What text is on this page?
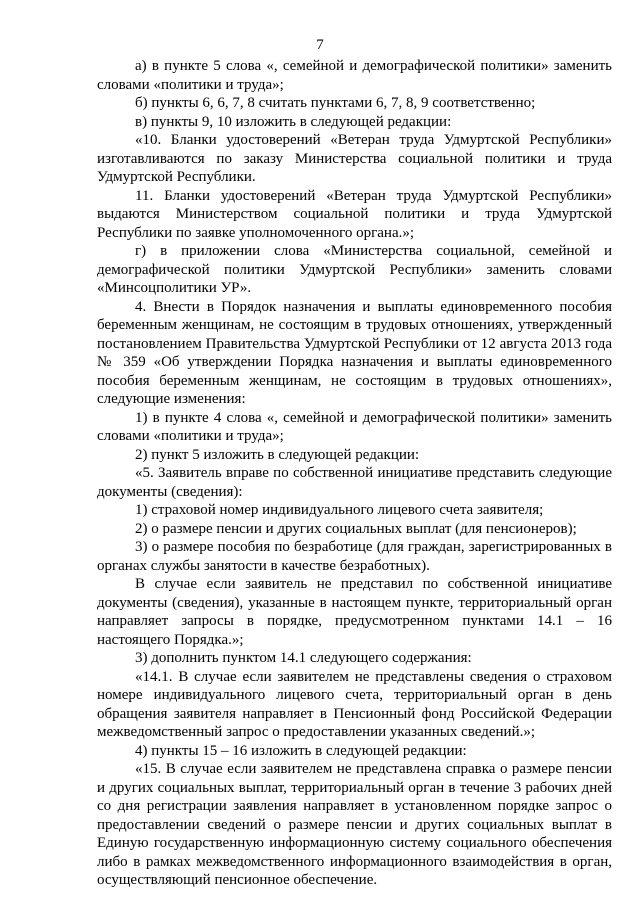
7

а) в пункте 5 слова «, семейной и демографической политики» заменить словами «политики и труда»;

б) пункты 6, 6, 7, 8 считать пунктами 6, 7, 8, 9 соответственно;

в) пункты 9, 10 изложить в следующей редакции:

«10. Бланки удостоверений «Ветеран труда Удмуртской Республики» изготавливаются по заказу Министерства социальной политики и труда Удмуртской Республики.

11. Бланки удостоверений «Ветеран труда Удмуртской Республики» выдаются Министерством социальной политики и труда Удмуртской Республики по заявке уполномоченного органа.»;

г) в приложении слова «Министерства социальной, семейной и демографической политики Удмуртской Республики» заменить словами «Минсоцполитики УР».

4. Внести в Порядок назначения и выплаты единовременного пособия беременным женщинам, не состоящим в трудовых отношениях, утвержденный постановлением Правительства Удмуртской Республики от 12 августа 2013 года № 359 «Об утверждении Порядка назначения и выплаты единовременного пособия беременным женщинам, не состоящим в трудовых отношениях», следующие изменения:

1) в пункте 4 слова «, семейной и демографической политики» заменить словами «политики и труда»;

2) пункт 5 изложить в следующей редакции:

«5. Заявитель вправе по собственной инициативе представить следующие документы (сведения):

1) страховой номер индивидуального лицевого счета заявителя;

2) о размере пенсии и других социальных выплат (для пенсионеров);

3) о размере пособия по безработице (для граждан, зарегистрированных в органах службы занятости в качестве безработных).

В случае если заявитель не представил по собственной инициативе документы (сведения), указанные в настоящем пункте, территориальный орган направляет запросы в порядке, предусмотренном пунктами 14.1 – 16 настоящего Порядка.»;

3) дополнить пунктом 14.1 следующего содержания:

«14.1. В случае если заявителем не представлены сведения о страховом номере индивидуального лицевого счета, территориальный орган в день обращения заявителя направляет в Пенсионный фонд Российской Федерации межведомственный запрос о предоставлении указанных сведений.»;

4) пункты 15 – 16 изложить в следующей редакции:

«15. В случае если заявителем не представлена справка о размере пенсии и других социальных выплат, территориальный орган в течение 3 рабочих дней со дня регистрации заявления направляет в установленном порядке запрос о предоставлении сведений о размере пенсии и других социальных выплат в Единую государственную информационную систему социального обеспечения либо в рамках межведомственного информационного взаимодействия в орган, осуществляющий пенсионное обеспечение.
